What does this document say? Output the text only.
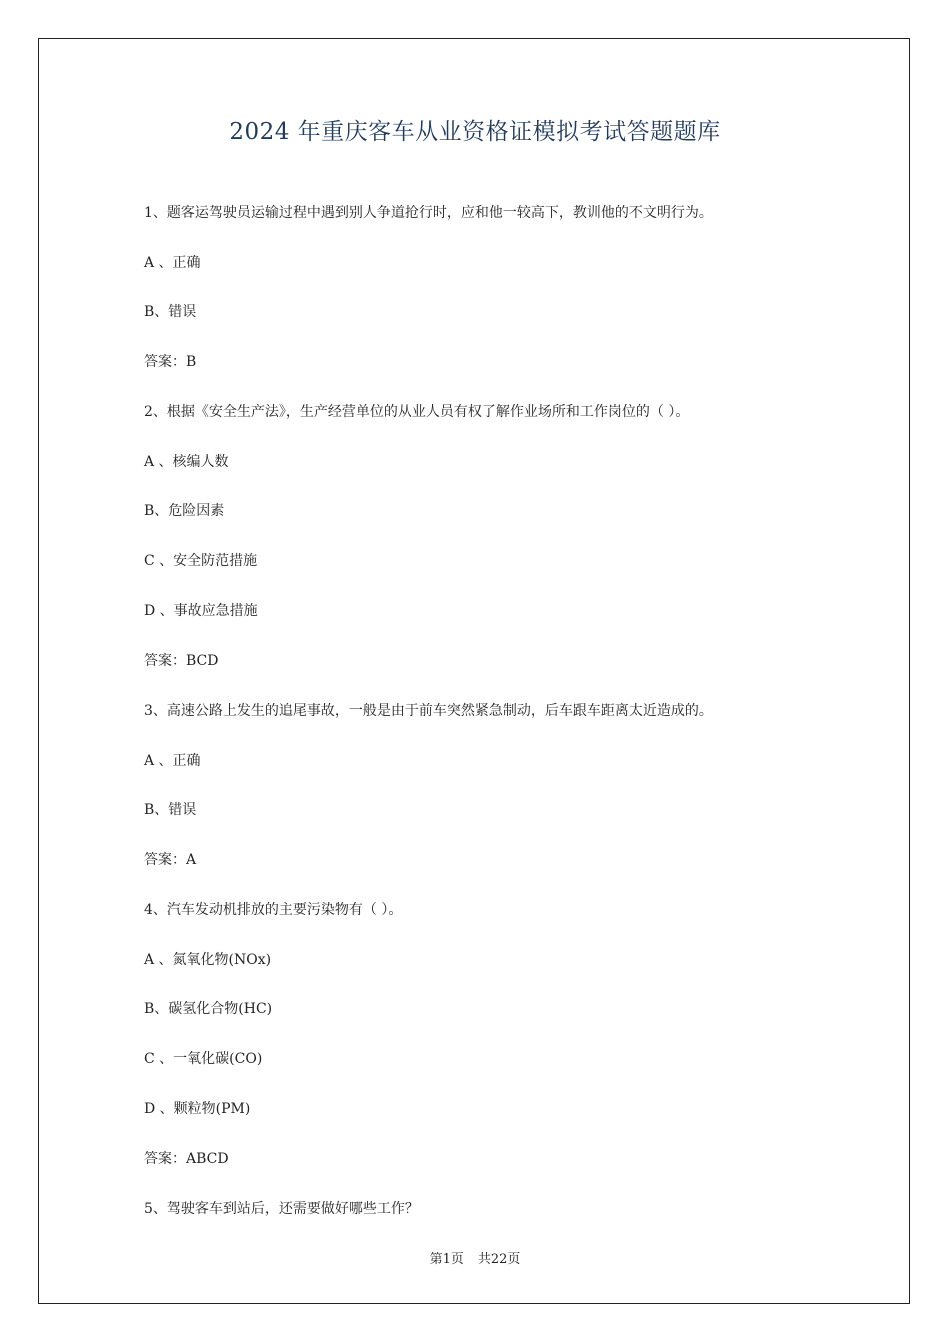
2024 年重庆客车从业资格证模拟考试答题题库
1、题客运驾驶员运输过程中遇到别人争道抢行时，应和他一较高下，教训他的不文明行为。
A 、正确
B、错误
答案：B
2、根据《安全生产法》，生产经营单位的从业人员有权了解作业场所和工作岗位的（ ）。
A 、核编人数
B、危险因素
C 、安全防范措施
D 、事故应急措施
答案：BCD
3、高速公路上发生的追尾事故，一般是由于前车突然紧急制动，后车跟车距离太近造成的。
A 、正确
B、错误
答案：A
4、汽车发动机排放的主要污染物有（ ）。
A 、氮氧化物(NOx)
B、碳氢化合物(HC)
C 、一氧化碳(CO)
D 、颗粒物(PM)
答案：ABCD
5、驾驶客车到站后，还需要做好哪些工作？
第1页 共22页
